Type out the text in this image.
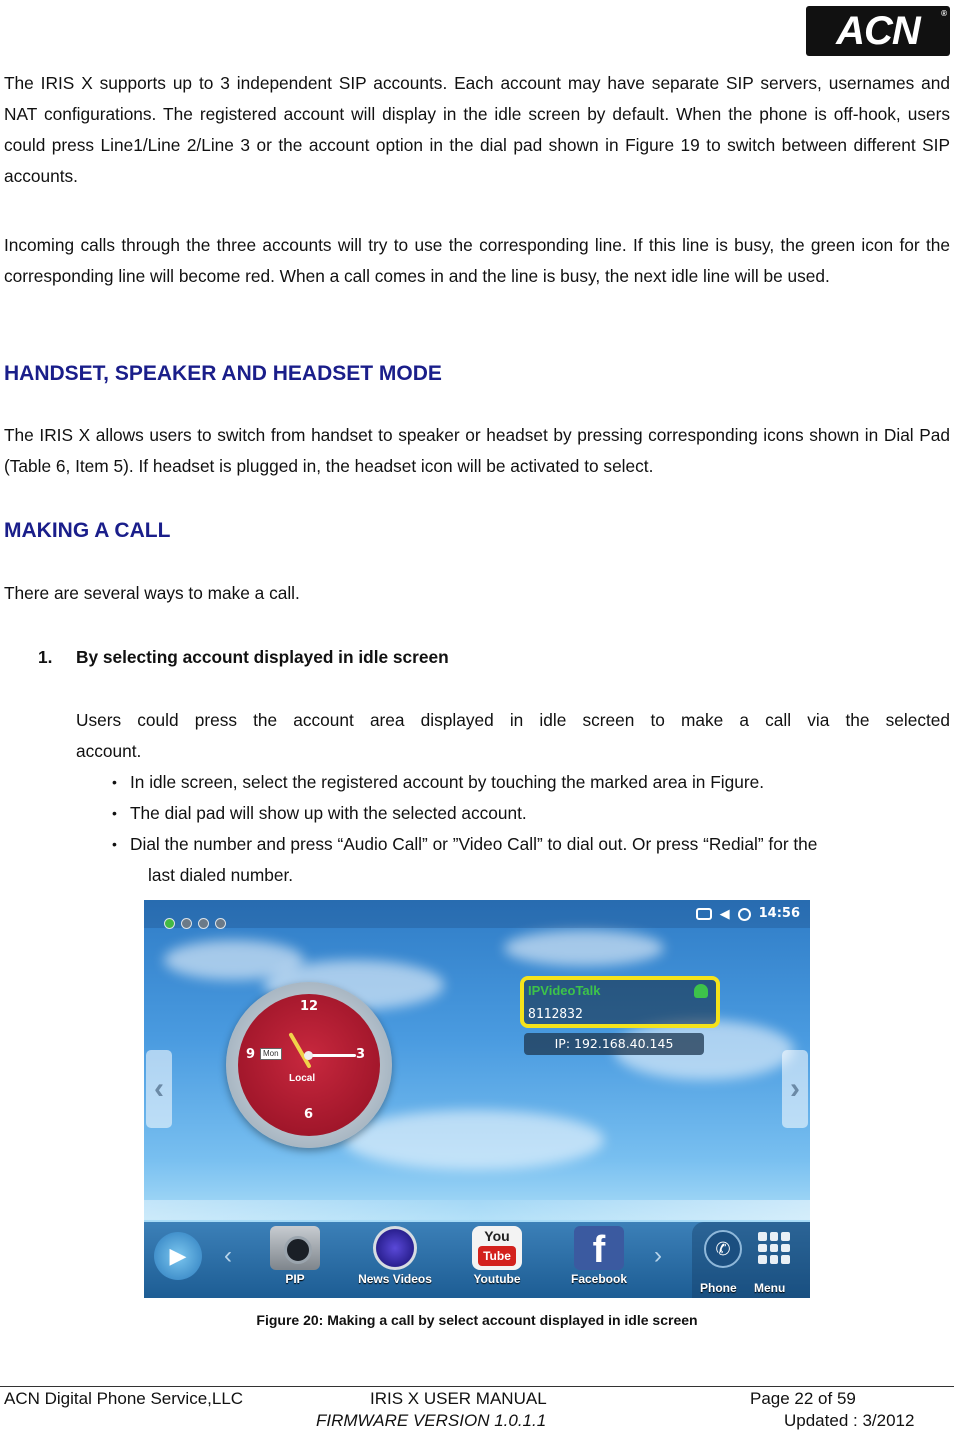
ACN	®
The IRIS X supports up to 3 independent SIP accounts. Each account may have separate SIP servers, usernames and NAT configurations. The registered account will display in the idle screen by default. When the phone is off-hook, users could press Line1/Line 2/Line 3 or the account option in the dial pad shown in Figure 19 to switch between different SIP accounts.
Incoming calls through the three accounts will try to use the corresponding line. If this line is busy, the green icon for the corresponding line will become red. When a call comes in and the line is busy, the next idle line will be used.
HANDSET, SPEAKER AND HEADSET MODE
The IRIS X allows users to switch from handset to speaker or headset by pressing corresponding icons shown in Dial Pad (Table 6, Item 5). If headset is plugged in, the headset icon will be activated to select.
MAKING A CALL
There are several ways to make a call.
1. By selecting account displayed in idle screen
Users could press the account area displayed in idle screen to make a call via the selected account.
• In idle screen, select the registered account by touching the marked area in Figure.
• The dial pad will show up with the selected account.
• Dial the number and press “Audio Call” or ”Video Call” to dial out. Or press “Redial” for the
last dialed number.
◀ 14:56
‹	›
12
3
6
9 Mon
Local
IPVideoTalk
8112832
IP: 192.168.40.145
▶	‹	›
PIP	News Videos
You
Tube
Youtube
f
Facebook
✆
Phone Menu
Figure 20: Making a call by select account displayed in idle screen
ACN Digital Phone Service,LLC	IRIS X USER MANUAL	Page 22 of 59
FIRMWARE VERSION 1.0.1.1	Updated : 3/2012
